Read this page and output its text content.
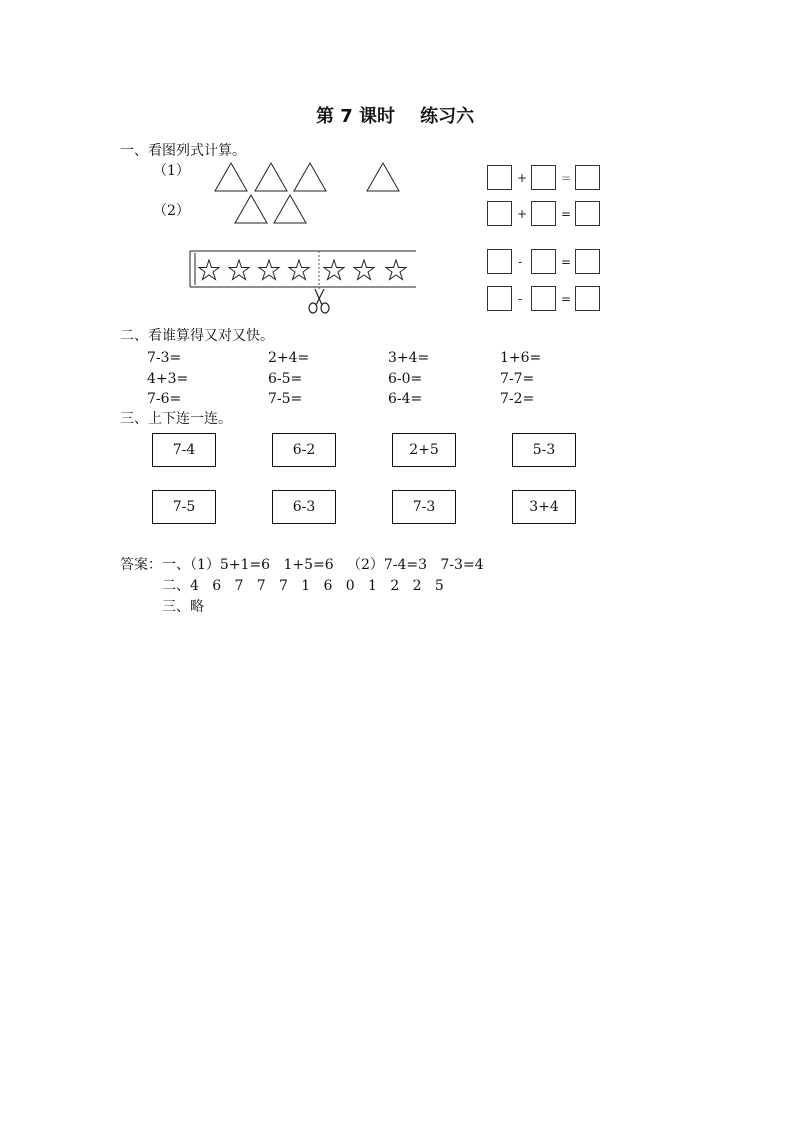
第 7 课时    练习六
一、看图列式计算。
（1）
（2）
+	=
+	=
-	=
-	=
二、看谁算得又对又快。
7-3=	2+4=	3+4=	1+6=
4+3=	6-5=	6-0=	7-7=
7-6=	7-5=	6-4=	7-2=
三、上下连一连。
7-4	6-2	2+5	5-3
7-5	6-3	7-3	3+4
答案：一、（1）5+1=6   1+5=6   （2）7-4=3   7-3=4
二、4   6   7   7   7   1   6   0   1   2   2   5
三、略
